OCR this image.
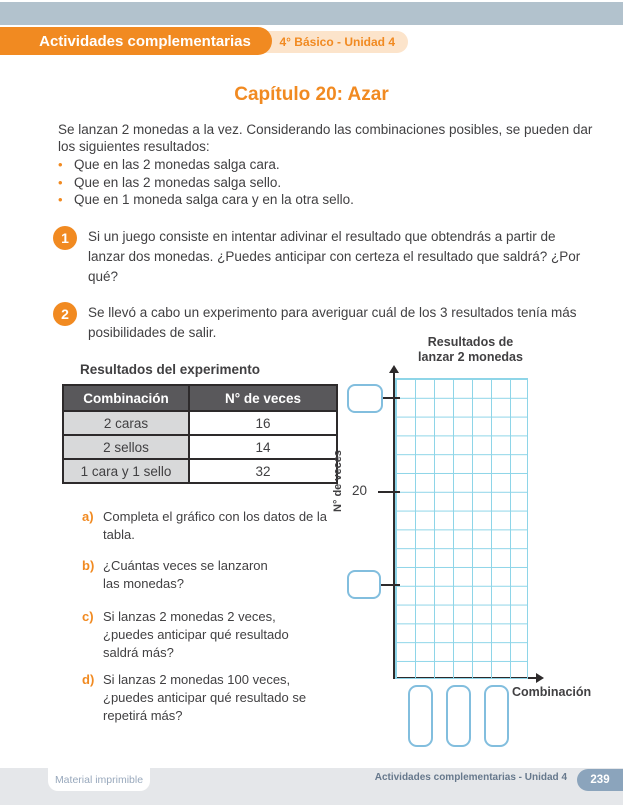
4° Básico - Unidad 4
Actividades complementarias
Capítulo 20: Azar
Se lanzan 2 monedas a la vez. Considerando las combinaciones posibles, se pueden dar los siguientes resultados:
• Que en las 2 monedas salga cara.
• Que en las 2 monedas salga sello.
• Que en 1 moneda salga cara y en la otra sello.
1	Si un juego consiste en intentar adivinar el resultado que obtendrás a partir de lanzar dos monedas. ¿Puedes anticipar con certeza el resultado que saldrá? ¿Por qué?
2	Se llevó a cabo un experimento para averiguar cuál de los 3 resultados tenía más posibilidades de salir.
Resultados del experimento
Combinación	N° de veces
2 caras	16
2 sellos	14
1 cara y 1 sello	32
a) Completa el gráfico con los datos de la tabla.
b) ¿Cuántas veces se lanzaron las monedas?
c) Si lanzas 2 monedas 2 veces, ¿puedes anticipar qué resultado saldrá más?
d) Si lanzas 2 monedas 100 veces, ¿puedes anticipar qué resultado se repetirá más?
Resultados de
lanzar 2 monedas
N° de veces 20
Combinación
Material imprimible	Actividades complementarias - Unidad 4 239
